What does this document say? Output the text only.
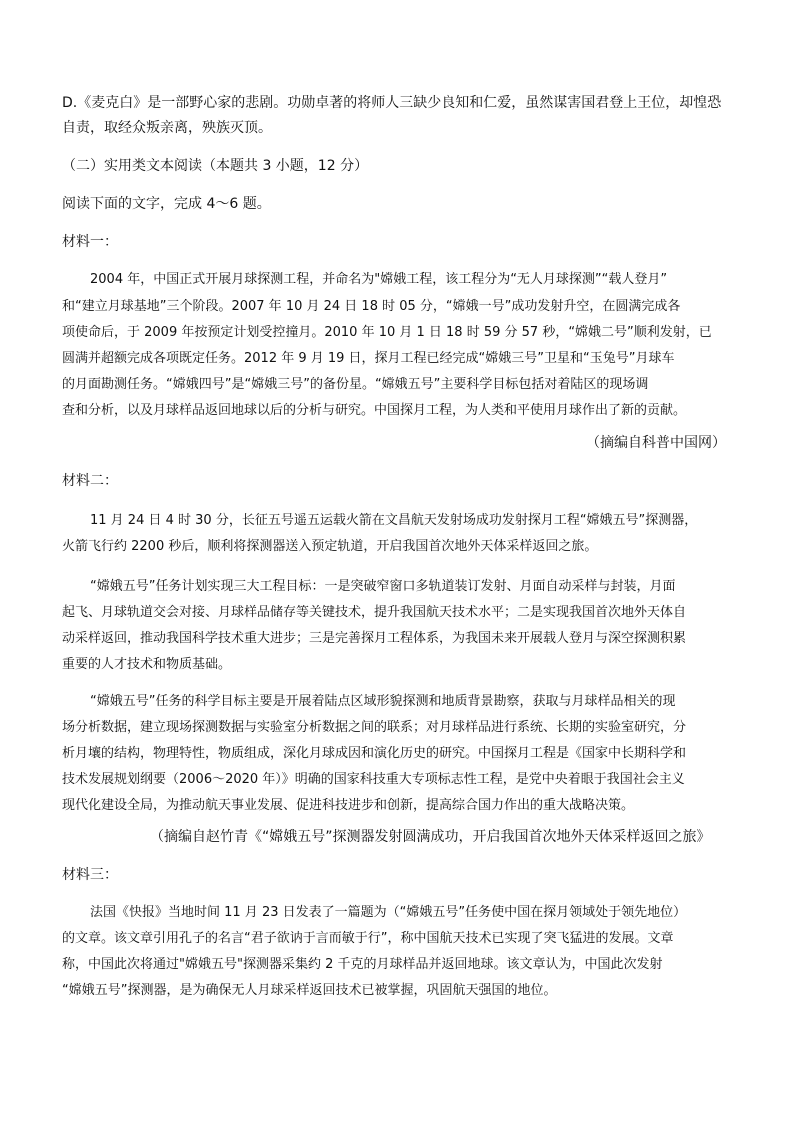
D.《麦克白》是一部野心家的悲剧。功勋卓著的将师人三缺少良知和仁爱，虽然谋害国君登上王位，却惶恐

自责，取经众叛亲离，殃族灭顶。

（二）实用类文本阅读（本题共 3 小题，12 分）

阅读下面的文字，完成 4～6 题。

材料一：

2004 年，中国正式开展月球探测工程，并命名为"嫦娥工程，该工程分为“无人月球探测”“载人登月”

和“建立月球基地”三个阶段。2007 年 10 月 24 日 18 时 05 分，“嫦娥一号”成功发射升空，在圆满完成各

项使命后，于 2009 年按预定计划受控撞月。2010 年 10 月 1 日 18 时 59 分 57 秒，“嫦娥二号”顺利发射，已

圆满并超额完成各项既定任务。2012 年 9 月 19 日，探月工程已经完成“嫦娥三号”卫星和“玉兔号”月球车

的月面勘测任务。“嫦娥四号”是“嫦娥三号”的备份星。“嫦娥五号”主要科学目标包括对着陆区的现场调

查和分析，以及月球样品返回地球以后的分析与研究。中国探月工程，为人类和平使用月球作出了新的贡献。

（摘编自科普中国网）

材料二：

11 月 24 日 4 时 30 分，长征五号遥五运载火箭在文昌航天发射场成功发射探月工程“嫦娥五号”探测器，

火箭飞行约 2200 秒后，顺利将探测器送入预定轨道，开启我国首次地外天体采样返回之旅。

“嫦娥五号”任务计划实现三大工程目标：一是突破窄窗口多轨道装订发射、月面自动采样与封装，月面

起飞、月球轨道交会对接、月球样品储存等关键技术，提升我国航天技术水平；二是实现我国首次地外天体自

动采样返回，推动我国科学技术重大进步；三是完善探月工程体系，为我国未来开展载人登月与深空探测积累

重要的人才技术和物质基础。

“嫦娥五号”任务的科学目标主要是开展着陆点区域形貌探测和地质背景勘察，获取与月球样品相关的现

场分析数据，建立现场探测数据与实验室分析数据之间的联系；对月球样品进行系统、长期的实验室研究，分

析月壤的结构，物理特性，物质组成，深化月球成因和演化历史的研究。中国探月工程是《国家中长期科学和

技术发展规划纲要（2006～2020 年）》明确的国家科技重大专项标志性工程，是党中央着眼于我国社会主义

现代化建设全局，为推动航天事业发展、促进科技进步和创新，提高综合国力作出的重大战略决策。

（摘编自赵竹青《“嫦娥五号”探测器发射圆满成功，开启我国首次地外天体采样返回之旅》

材料三：

法国《快报》当地时间 11 月 23 日发表了一篇题为（“嫦娥五号”任务使中国在探月领域处于领先地位）

的文章。该文章引用孔子的名言“君子欲讷于言而敏于行”，称中国航天技术已实现了突飞猛进的发展。文章

称，中国此次将通过"嫦娥五号"探测器采集约 2 千克的月球样品并返回地球。该文章认为，中国此次发射

“嫦娥五号”探测器，是为确保无人月球采样返回技术已被掌握，巩固航天强国的地位。
